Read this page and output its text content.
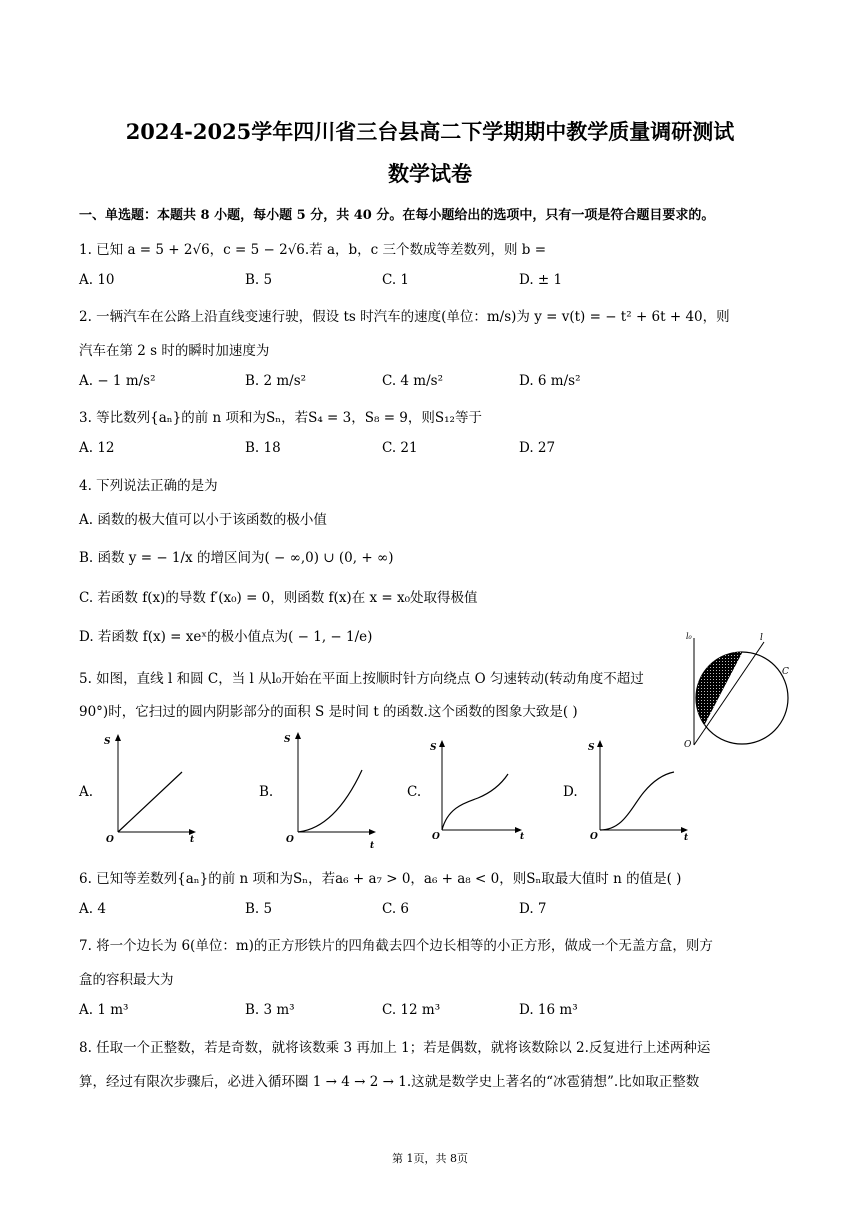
2024-2025学年四川省三台县高二下学期期中教学质量调研测试
数学试卷
一、单选题：本题共 8 小题，每小题 5 分，共 40 分。在每小题给出的选项中，只有一项是符合题目要求的。
1. 已知 a = 5 + 2√6，c = 5 − 2√6.若 a，b，c 三个数成等差数列，则 b =
A. 10	B. 5	C. 1	D. ± 1
2. 一辆汽车在公路上沿直线变速行驶，假设 ts 时汽车的速度(单位：m/s)为 y = v(t) = − t² + 6t + 40，则
汽车在第 2 s 时的瞬时加速度为
A. − 1 m/s²	B. 2 m/s²	C. 4 m/s²	D. 6 m/s²
3. 等比数列{aₙ}的前 n 项和为Sₙ，若S₄ = 3，S₈ = 9，则S₁₂等于
A. 12	B. 18	C. 21	D. 27
4. 下列说法正确的是为
A. 函数的极大值可以小于该函数的极小值
B. 函数 y = − 1/x 的增区间为( − ∞,0) ∪ (0, + ∞)
C. 若函数 f(x)的导数 f′(x₀) = 0，则函数 f(x)在 x = x₀处取得极值
D. 若函数 f(x) = xeˣ的极小值点为( − 1, − 1/e)
5. 如图，直线 l 和圆 C，当 l 从l₀开始在平面上按顺时针方向绕点 O 匀速转动(转动角度不超过
90°)时，它扫过的圆内阴影部分的面积 S 是时间 t 的函数.这个函数的图象大致是( )
l₀	l
C
O
A.
S
O	t
B.
S
O
t
C.
S
O	t
D.
S
O	t
6. 已知等差数列{aₙ}的前 n 项和为Sₙ，若a₆ + a₇ > 0，a₆ + a₈ < 0，则Sₙ取最大值时 n 的值是( )
A. 4	B. 5	C. 6	D. 7
7. 将一个边长为 6(单位：m)的正方形铁片的四角截去四个边长相等的小正方形，做成一个无盖方盒，则方
盒的容积最大为
A. 1 m³	B. 3 m³	C. 12 m³	D. 16 m³
8. 任取一个正整数，若是奇数，就将该数乘 3 再加上 1；若是偶数，就将该数除以 2.反复进行上述两种运
算，经过有限次步骤后，必进入循环圈 1 → 4 → 2 → 1.这就是数学史上著名的“冰雹猜想”.比如取正整数
第 1页，共 8页
